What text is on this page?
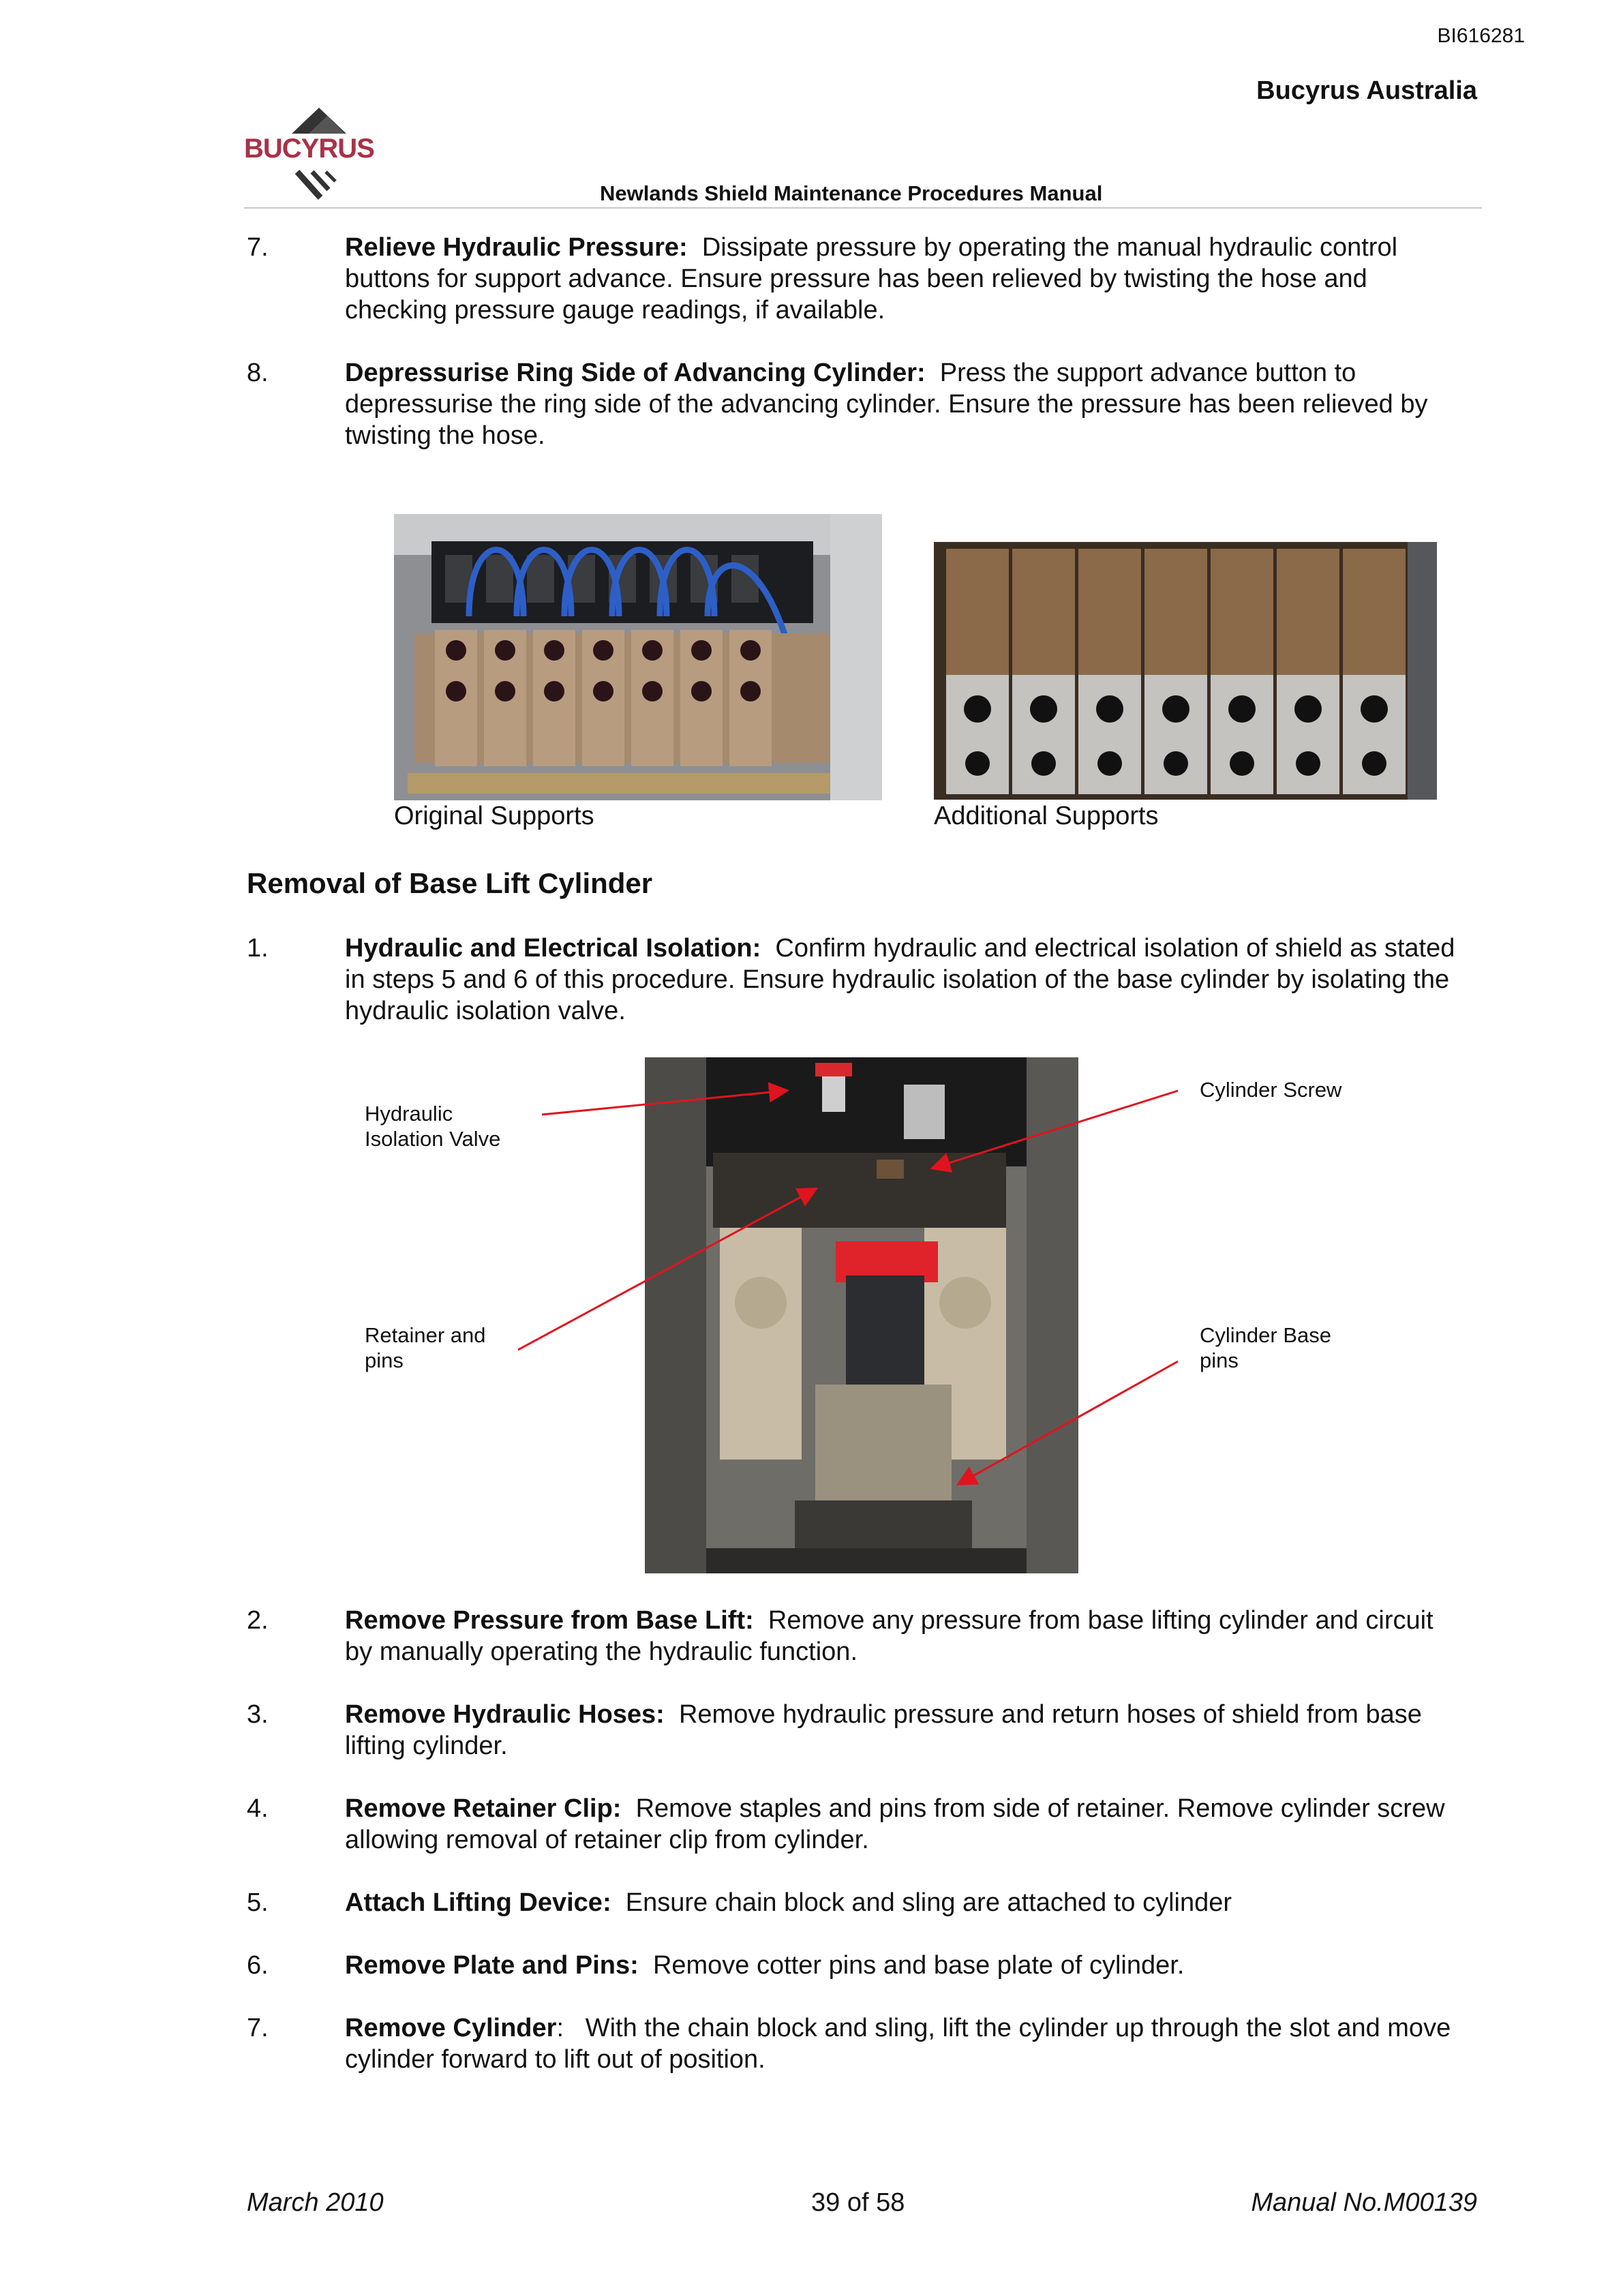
BI616281
Bucyrus Australia
BUCYRUS
Newlands Shield Maintenance Procedures Manual
7.	Relieve Hydraulic Pressure: Dissipate pressure by operating the manual hydraulic control buttons for support advance. Ensure pressure has been relieved by twisting the hose and checking pressure gauge readings, if available.
8.	Depressurise Ring Side of Advancing Cylinder: Press the support advance button to depressurise the ring side of the advancing cylinder. Ensure the pressure has been relieved by twisting the hose.
Original Supports	Additional Supports
Removal of Base Lift Cylinder
1.	Hydraulic and Electrical Isolation: Confirm hydraulic and electrical isolation of shield as stated in steps 5 and 6 of this procedure. Ensure hydraulic isolation of the base cylinder by isolating the hydraulic isolation valve.
Hydraulic
Isolation Valve
Cylinder Screw
Retainer and
pins
Cylinder Base
pins
2.	Remove Pressure from Base Lift: Remove any pressure from base lifting cylinder and circuit by manually operating the hydraulic function.
3.	Remove Hydraulic Hoses: Remove hydraulic pressure and return hoses of shield from base lifting cylinder.
4.	Remove Retainer Clip: Remove staples and pins from side of retainer. Remove cylinder screw allowing removal of retainer clip from cylinder.
5.	Attach Lifting Device: Ensure chain block and sling are attached to cylinder
6.	Remove Plate and Pins: Remove cotter pins and base plate of cylinder.
7.	Remove Cylinder: With the chain block and sling, lift the cylinder up through the slot and move cylinder forward to lift out of position.
March 2010	39 of 58	Manual No.M00139
